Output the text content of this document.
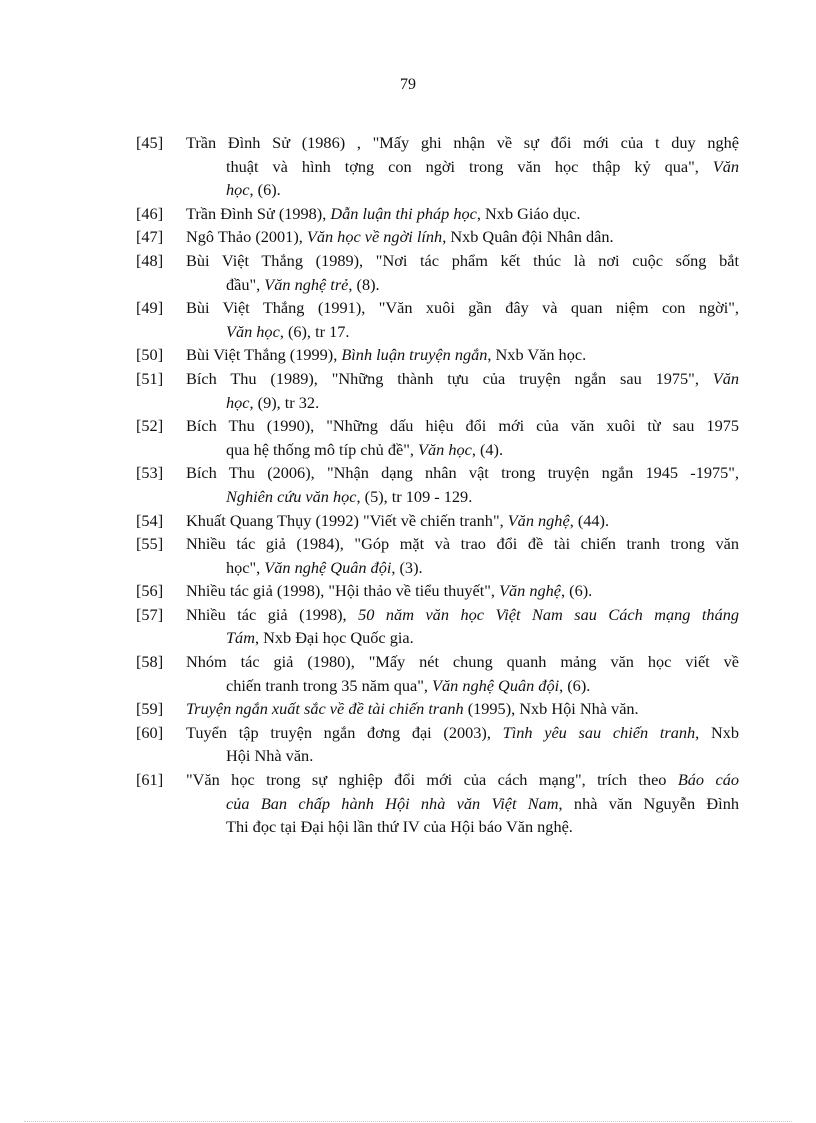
79
[45]	Trần Đình Sử (1986) , "Mấy ghi nhận về sự đổi mới của t duy nghệ
thuật và hình tợng con ngời trong văn học thập kỷ qua", Văn
học, (6).
[46]	Trần Đình Sử (1998), Dẫn luận thi pháp học, Nxb Giáo dục.
[47]	Ngô Thảo (2001), Văn học về ngời lính, Nxb Quân đội Nhân dân.
[48]	Bùi Việt Thắng (1989), "Nơi tác phẩm kết thúc là nơi cuộc sống bắt
đầu", Văn nghệ trẻ, (8).
[49]	Bùi Việt Thắng (1991), "Văn xuôi gần đây và quan niệm con ngời",
Văn học, (6), tr 17.
[50]	Bùi Việt Thắng (1999), Bình luận truyện ngắn, Nxb Văn học.
[51]	Bích Thu (1989), "Những thành tựu của truyện ngắn sau 1975", Văn
học, (9), tr 32.
[52]	Bích Thu (1990), "Những dấu hiệu đổi mới của văn xuôi từ sau 1975
qua hệ thống mô típ chủ đề", Văn học, (4).
[53]	Bích Thu (2006), "Nhận dạng nhân vật trong truyện ngắn 1945 -1975",
Nghiên cứu văn học, (5), tr 109 - 129.
[54]	Khuất Quang Thụy (1992) "Viết về chiến tranh", Văn nghệ, (44).
[55]	Nhiều tác giả (1984), "Góp mặt và trao đổi đề tài chiến tranh trong văn
học", Văn nghệ Quân đội, (3).
[56]	Nhiều tác giả (1998), "Hội thảo về tiểu thuyết", Văn nghệ, (6).
[57]	Nhiều tác giả (1998), 50 năm văn học Việt Nam sau Cách mạng tháng
Tám, Nxb Đại học Quốc gia.
[58]	Nhóm tác giả (1980), "Mấy nét chung quanh mảng văn học viết về
chiến tranh trong 35 năm qua", Văn nghệ Quân đội, (6).
[59]	Truyện ngắn xuất sắc về đề tài chiến tranh (1995), Nxb Hội Nhà văn.
[60]	Tuyển tập truyện ngắn đơng đại (2003), Tình yêu sau chiến tranh, Nxb
Hội Nhà văn.
[61]	"Văn học trong sự nghiệp đổi mới của cách mạng", trích theo Báo cáo
của Ban chấp hành Hội nhà văn Việt Nam, nhà văn Nguyễn Đình
Thi đọc tại Đại hội lần thứ IV của Hội báo Văn nghệ.
